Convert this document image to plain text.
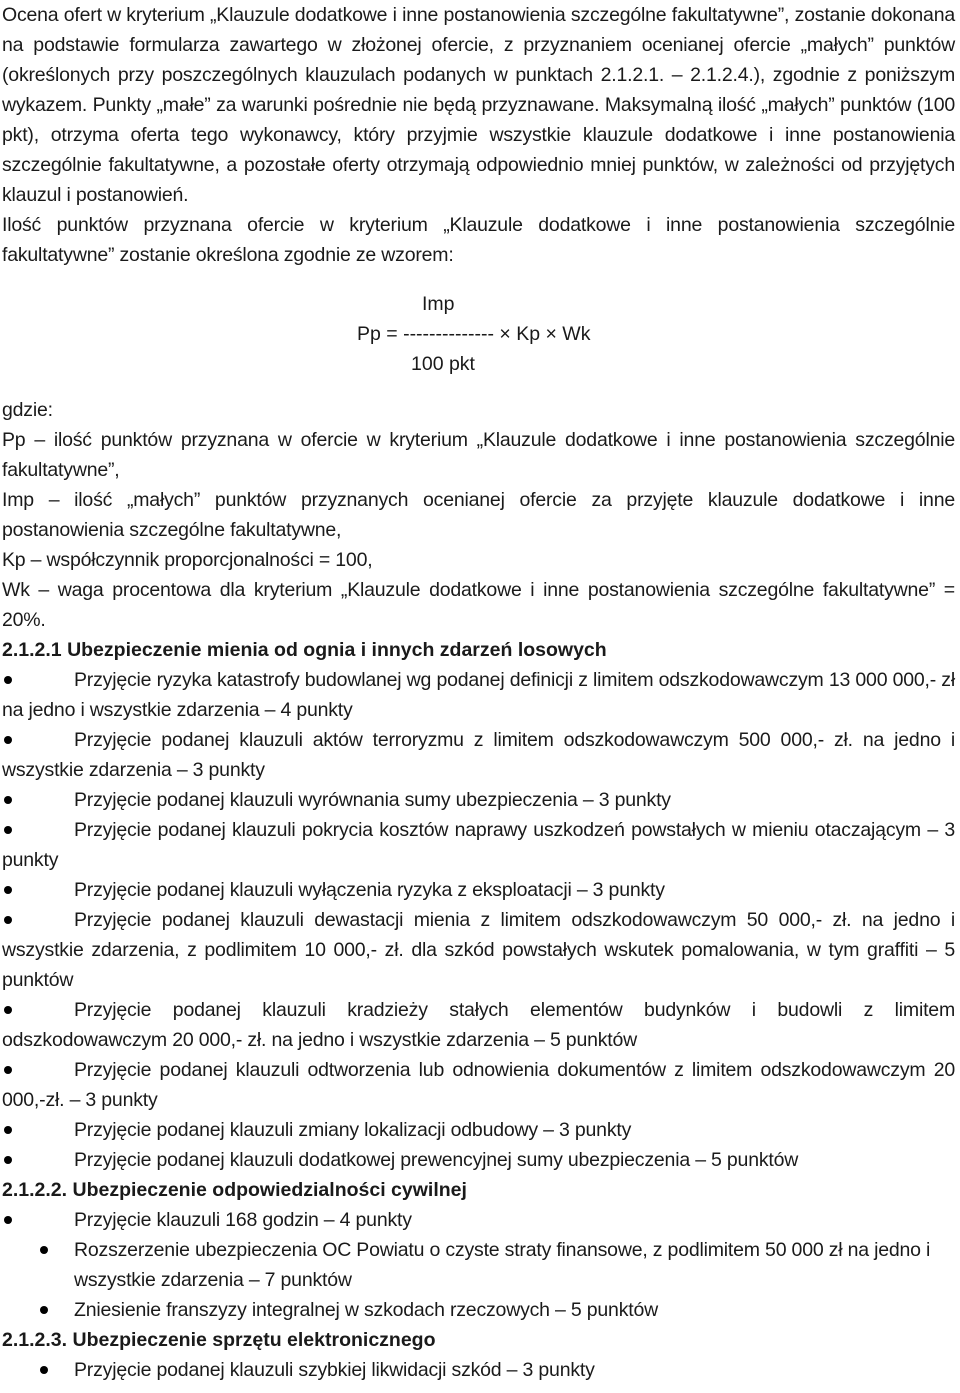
Ocena ofert w kryterium „Klauzule dodatkowe i inne postanowienia szczególne fakultatywne”, zostanie dokonana na podstawie formularza zawartego w złożonej ofercie, z przyznaniem ocenianej ofercie „małych” punktów (określonych przy poszczególnych klauzulach podanych w punktach 2.1.2.1. – 2.1.2.4.), zgodnie z poniższym wykazem. Punkty „małe” za warunki pośrednie nie będą przyznawane. Maksymalną ilość „małych” punktów (100 pkt), otrzyma oferta tego wykonawcy, który przyjmie wszystkie klauzule dodatkowe i inne postanowienia szczególnie fakultatywne, a pozostałe oferty otrzymają odpowiednio mniej punktów, w zależności od przyjętych klauzul i postanowień.

Ilość punktów przyznana ofercie w kryterium „Klauzule dodatkowe i inne postanowienia szczególnie fakultatywne” zostanie określona zgodnie ze wzorem:

Imp
Pp = -------------- × Kp × Wk
100 pkt

gdzie:

Pp – ilość punktów przyznana w ofercie w kryterium „Klauzule dodatkowe i inne postanowienia szczególnie fakultatywne”,

Imp – ilość „małych” punktów przyznanych ocenianej ofercie za przyjęte klauzule dodatkowe i inne postanowienia szczególne fakultatywne,

Kp – współczynnik proporcjonalności = 100,

Wk – waga procentowa dla kryterium „Klauzule dodatkowe i inne postanowienia szczególne fakultatywne” = 20%.

2.1.2.1 Ubezpieczenie mienia od ognia i innych zdarzeń losowych

Przyjęcie ryzyka katastrofy budowlanej wg podanej definicji z limitem odszkodowawczym 13 000 000,- zł na jedno i wszystkie zdarzenia – 4 punkty
Przyjęcie podanej klauzuli aktów terroryzmu z limitem odszkodowawczym 500 000,- zł. na jedno i wszystkie zdarzenia – 3 punkty
Przyjęcie podanej klauzuli wyrównania sumy ubezpieczenia – 3 punkty
Przyjęcie podanej klauzuli pokrycia kosztów naprawy uszkodzeń powstałych w mieniu otaczającym – 3 punkty
Przyjęcie podanej klauzuli wyłączenia ryzyka z eksploatacji – 3 punkty
Przyjęcie podanej klauzuli dewastacji mienia z limitem odszkodowawczym 50 000,- zł. na jedno i wszystkie zdarzenia, z podlimitem 10 000,- zł. dla szkód powstałych wskutek pomalowania, w tym graffiti – 5 punktów
Przyjęcie podanej klauzuli kradzieży stałych elementów budynków i budowli z limitem odszkodowawczym 20 000,- zł. na jedno i wszystkie zdarzenia – 5 punktów
Przyjęcie podanej klauzuli odtworzenia lub odnowienia dokumentów z limitem odszkodowawczym 20 000,-zł. – 3 punkty
Przyjęcie podanej klauzuli zmiany lokalizacji odbudowy – 3 punkty
Przyjęcie podanej klauzuli dodatkowej prewencyjnej sumy ubezpieczenia – 5 punktów

2.1.2.2. Ubezpieczenie odpowiedzialności cywilnej

Przyjęcie klauzuli 168 godzin – 4 punkty
Rozszerzenie ubezpieczenia OC Powiatu o czyste straty finansowe, z podlimitem 50 000 zł na jedno i wszystkie zdarzenia – 7 punktów
Zniesienie franszyzy integralnej w szkodach rzeczowych – 5 punktów

2.1.2.3. Ubezpieczenie sprzętu elektronicznego

Przyjęcie podanej klauzuli szybkiej likwidacji szkód – 3 punkty
